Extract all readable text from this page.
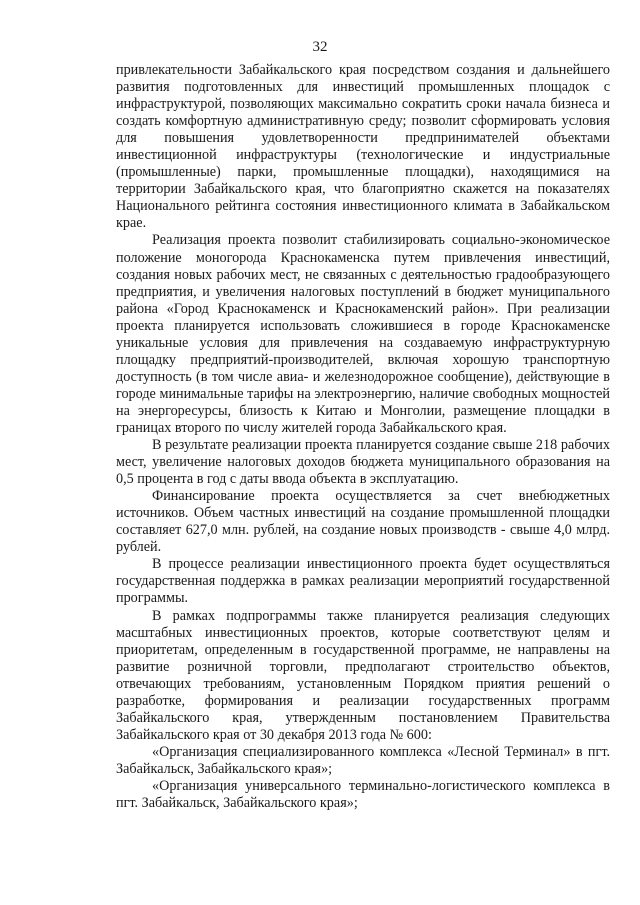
32

привлекательности Забайкальского края посредством создания и дальнейшего развития подготовленных для инвестиций промышленных площадок с инфраструктурой, позволяющих максимально сократить сроки начала бизнеса и создать комфортную административную среду; позволит сформировать условия для повышения удовлетворенности предпринимателей объектами инвестиционной инфраструктуры (технологические и индустриальные (промышленные) парки, промышленные площадки), находящимися на территории Забайкальского края, что благоприятно скажется на показателях Национального рейтинга состояния инвестиционного климата в Забайкальском крае.

Реализация проекта позволит стабилизировать социально-экономическое положение моногорода Краснокаменска путем привлечения инвестиций, создания новых рабочих мест, не связанных с деятельностью градообразующего предприятия, и увеличения налоговых поступлений в бюджет муниципального района «Город Краснокаменск и Краснокаменский район». При реализации проекта планируется использовать сложившиеся в городе Краснокаменске уникальные условия для привлечения на создаваемую инфраструктурную площадку предприятий-производителей, включая хорошую транспортную доступность (в том числе авиа- и железнодорожное сообщение), действующие в городе минимальные тарифы на электроэнергию, наличие свободных мощностей на энергоресурсы, близость к Китаю и Монголии, размещение площадки в границах второго по числу жителей города Забайкальского края.

В результате реализации проекта планируется создание свыше 218 рабочих мест, увеличение налоговых доходов бюджета муниципального образования на 0,5 процента в год с даты ввода объекта в эксплуатацию.

Финансирование проекта осуществляется за счет внебюджетных источников. Объем частных инвестиций на создание промышленной площадки составляет 627,0 млн. рублей, на создание новых производств - свыше 4,0 млрд. рублей.

В процессе реализации инвестиционного проекта будет осуществляться государственная поддержка в рамках реализации мероприятий государственной программы.

В рамках подпрограммы также планируется реализация следующих масштабных инвестиционных проектов, которые соответствуют целям и приоритетам, определенным в государственной программе, не направлены на развитие розничной торговли, предполагают строительство объектов, отвечающих требованиям, установленным Порядком приятия решений о разработке, формирования и реализации государственных программ Забайкальского края, утвержденным постановлением Правительства Забайкальского края от 30 декабря 2013 года № 600:

«Организация специализированного комплекса «Лесной Терминал» в пгт. Забайкальск, Забайкальского края»;

«Организация универсального терминально-логистического комплекса в пгт. Забайкальск, Забайкальского края»;
